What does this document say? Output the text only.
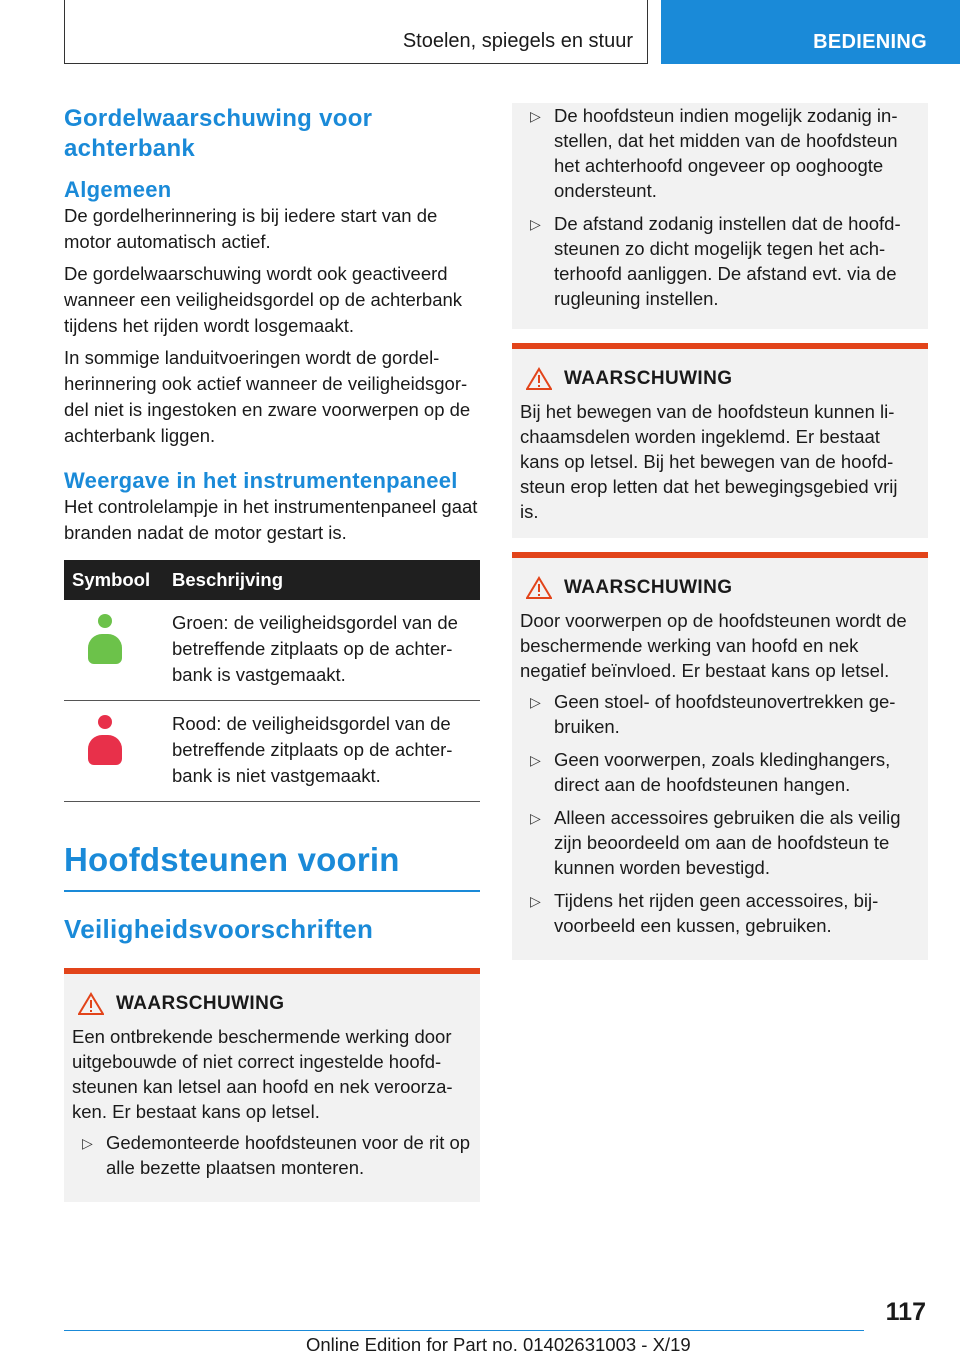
Stoelen, spiegels en stuur	BEDIENING
Gordelwaarschuwing voor achterbank
Algemeen

De gordelherinnering is bij iedere start van de motor automatisch actief.

De gordelwaarschuwing wordt ook geactiveerd wanneer een veiligheidsgordel op de achterbank tijdens het rijden wordt losgemaakt.

In sommige landuitvoeringen wordt de gordel‐herinnering ook actief wanneer de veiligheidsgor‐del niet is ingestoken en zware voorwerpen op de achterbank liggen.

Weergave in het instrumentenpaneel

Het controlelampje in het instrumentenpaneel gaat branden nadat de motor gestart is.

Symbool	Beschrijving

	Groen: de veiligheidsgordel van de betreffende zitplaats op de achter‐bank is vastgemaakt.

	Rood: de veiligheidsgordel van de betreffende zitplaats op de achter‐bank is niet vastgemaakt.
Hoofdsteunen voorin
Veiligheidsvoorschriften
WAARSCHUWING

Een ontbrekende beschermende werking door uitgebouwde of niet correct ingestelde hoofd‐steunen kan letsel aan hoofd en nek veroorza‐ken. Er bestaat kans op letsel.

▷ Gedemonteerde hoofdsteunen voor de rit op alle bezette plaatsen monteren.
▷ De hoofdsteun indien mogelijk zodanig in‐stellen, dat het midden van de hoofdsteun het achterhoofd ongeveer op ooghoogte ondersteunt.
▷ De afstand zodanig instellen dat de hoofd‐steunen zo dicht mogelijk tegen het ach‐terhoofd aanliggen. De afstand evt. via de rugleuning instellen.
WAARSCHUWING

Bij het bewegen van de hoofdsteun kunnen li‐chaamsdelen worden ingeklemd. Er bestaat kans op letsel. Bij het bewegen van de hoofd‐steun erop letten dat het bewegingsgebied vrij is.

WAARSCHUWING

Door voorwerpen op de hoofdsteunen wordt de beschermende werking van hoofd en nek negatief beïnvloed. Er bestaat kans op letsel.

▷ Geen stoel- of hoofdsteunovertrekken ge‐bruiken.
▷ Geen voorwerpen, zoals kledinghangers, direct aan de hoofdsteunen hangen.
▷ Alleen accessoires gebruiken die als veilig zijn beoordeeld om aan de hoofdsteun te kunnen worden bevestigd.
▷ Tijdens het rijden geen accessoires, bij‐voorbeeld een kussen, gebruiken.
117
Online Edition for Part no. 01402631003 - X/19
